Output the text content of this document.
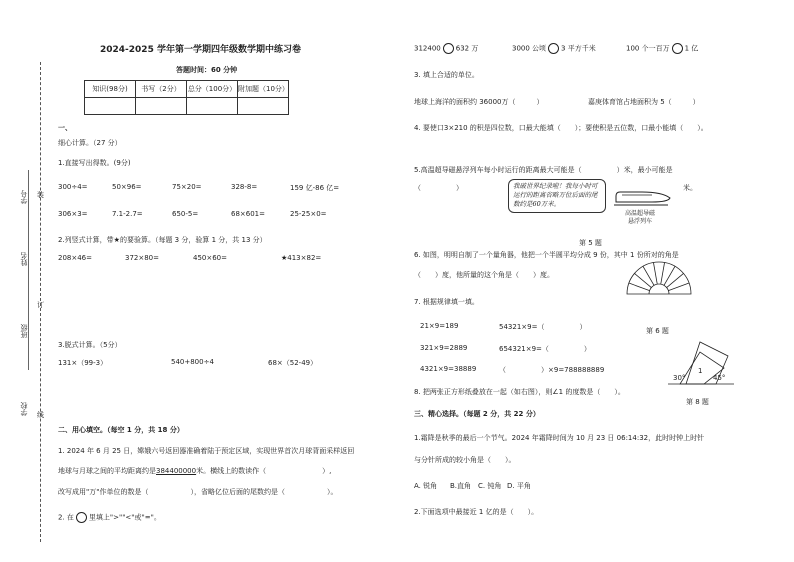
装
订
线
学号
姓名
班级
学校
2024-2025 学年第一学期四年级数学期中练习卷
答题时间：60 分钟
知识(98分)	书写（2分）	总分（100分）	附加题（10分）

一、
细心计算。（27 分）
1.直接写出得数。(9分)
300÷4=	50×96=	75×20=	328-8=	159 亿-86 亿=
306×3=	7.1-2.7=	650-5=	68×601=	25-25×0=
2.列竖式计算，带★的要验算。（每题 3 分，验算 1 分，共 13 分）
208×46=	372×80=	450×60=	★413×82=
3.脱式计算。（5分）
131×（99-3）	540+800÷4	68×（52-49）
二、用心填空。（每空 1 分，共 18 分）
1. 2024 年 6 月 25 日，嫦娥六号返回器准确着陆于预定区域，实现世界首次月球背面采样返回
地球与月球之间的平均距离约是384400000米。横线上的数读作（　　　　　　　　）,
改写成用"万"作单位的数是（　　　　　　），省略亿位后面的尾数约是（　　　　　　）。
2. 在 里填上">""<"或"="。
312400 632 万	3000 公顷 3 平方千米	100 个一百万 1 亿
3. 填上合适的单位。
地球上海洋的面积约 36000万（　　　）	嘉庚体育馆占地面积为 5（　　　）
4. 要使口3×210 的积是四位数，口最大能填（　　）；要使积是五位数，口最小能填（　　）。
5.高温超导磁悬浮列车每小时运行的距离最大可能是（　　　　　）米，最小可能是
（　　　　　）	米。
我破世界纪录啦！我每小时可运行的距离省略万位后面的尾数约是60万米。
高温超导磁
悬浮列车
第 5 题
6. 如图，明明自制了一个量角器，他把一个半圆平均分成 9 份，其中 1 份所对的角是
（　　）度，他所量的这个角是（　　）度。
第 6 题
7. 根据规律填一填。
21×9=189	54321×9=（　　　　　）
321×9=2889	654321×9=（　　　　　）
4321×9=38889	（　　　　　）×9=788888889
30°
1
45°
第 8 题
8. 把两张正方形纸叠放在一起（如右图），则∠1 的度数是（　　）。
三、精心选择。（每题 2 分，共 22 分）
1.霜降是秋季的最后一个节气。2024 年霜降时间为 10 月 23 日 06:14:32，此时时钟上时针
与分针所成的较小角是（　　）。
A. 锐角 B.直角 C. 钝角 D. 平角
2.下面选项中最接近 1 亿的是（　　）。
